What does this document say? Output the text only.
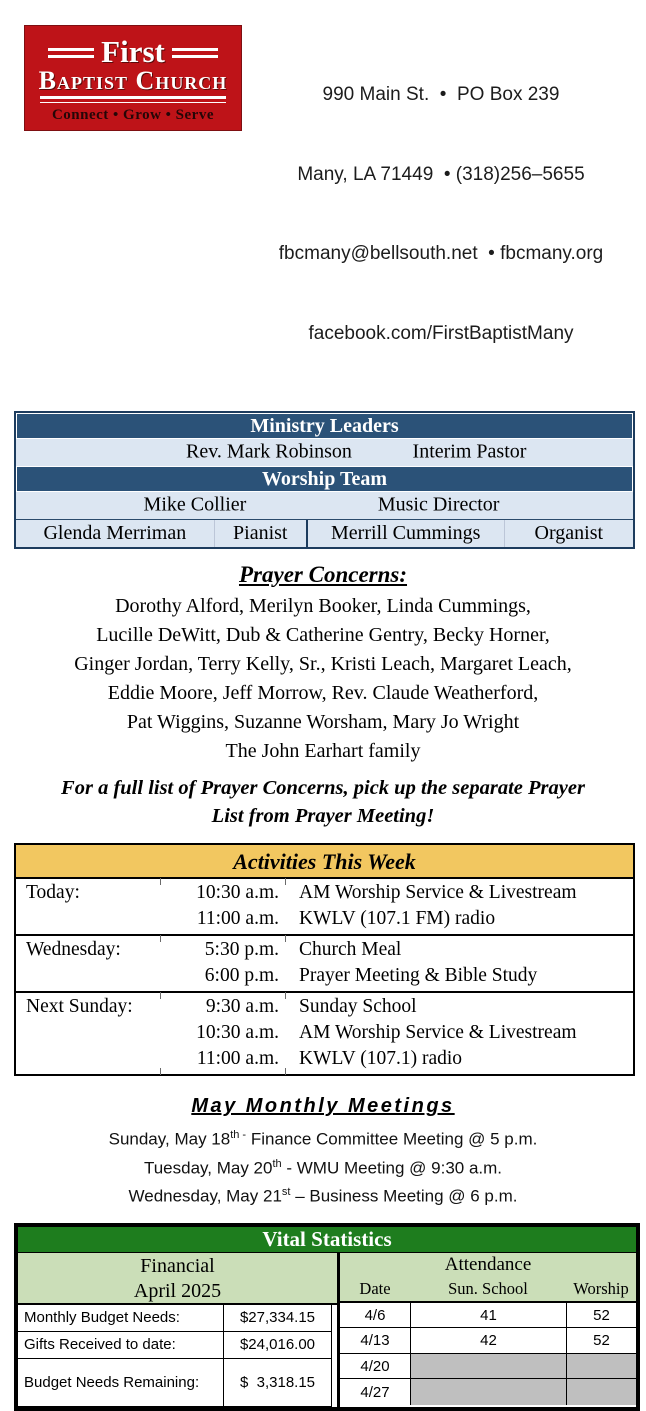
First
Baptist Church
Connect • Grow • Serve

990 Main St.  •  PO Box 239

Many, LA 71449  • (318)256–5655

fbcmany@bellsouth.net  • fbcmany.org

facebook.com/FirstBaptistMany

Ministry Leaders
Rev. Mark Robinson	Interim Pastor
Worship Team
Mike Collier	Music Director
Glenda Merriman	Pianist	Merrill Cummings	Organist
Prayer Concerns:
Dorothy Alford, Merilyn Booker, Linda Cummings,
Lucille DeWitt, Dub & Catherine Gentry, Becky Horner,
Ginger Jordan, Terry Kelly, Sr., Kristi Leach, Margaret Leach,
Eddie Moore, Jeff Morrow, Rev. Claude Weatherford,
Pat Wiggins, Suzanne Worsham, Mary Jo Wright
The John Earhart family
For a full list of Prayer Concerns, pick up the separate Prayer
List from Prayer Meeting!
Activities This Week
Today:	10:30 a.m.	AM Worship Service & Livestream
11:00 a.m.	KWLV (107.1 FM) radio
Wednesday:	5:30 p.m.	Church Meal
6:00 p.m.	Prayer Meeting & Bible Study
Next Sunday:	9:30 a.m.	Sunday School
10:30 a.m.	AM Worship Service & Livestream
11:00 a.m.	KWLV (107.1) radio
May Monthly Meetings
Sunday, May $18^{th -}$ Finance Committee Meeting @ 5 p.m.
Tuesday, May 20th - WMU Meeting @ 9:30 a.m.
Wednesday, May 21st – Business Meeting @ 6 p.m.
Vital Statistics
Financial
April 2025
Monthly Budget Needs:	$27,334.15
Gifts Received to date:	$24,016.00
Budget Needs Remaining:	$  3,318.15
Attendance
Date	Sun. School	Worship
4/6	41	52
4/13	42	52
4/20
4/27
